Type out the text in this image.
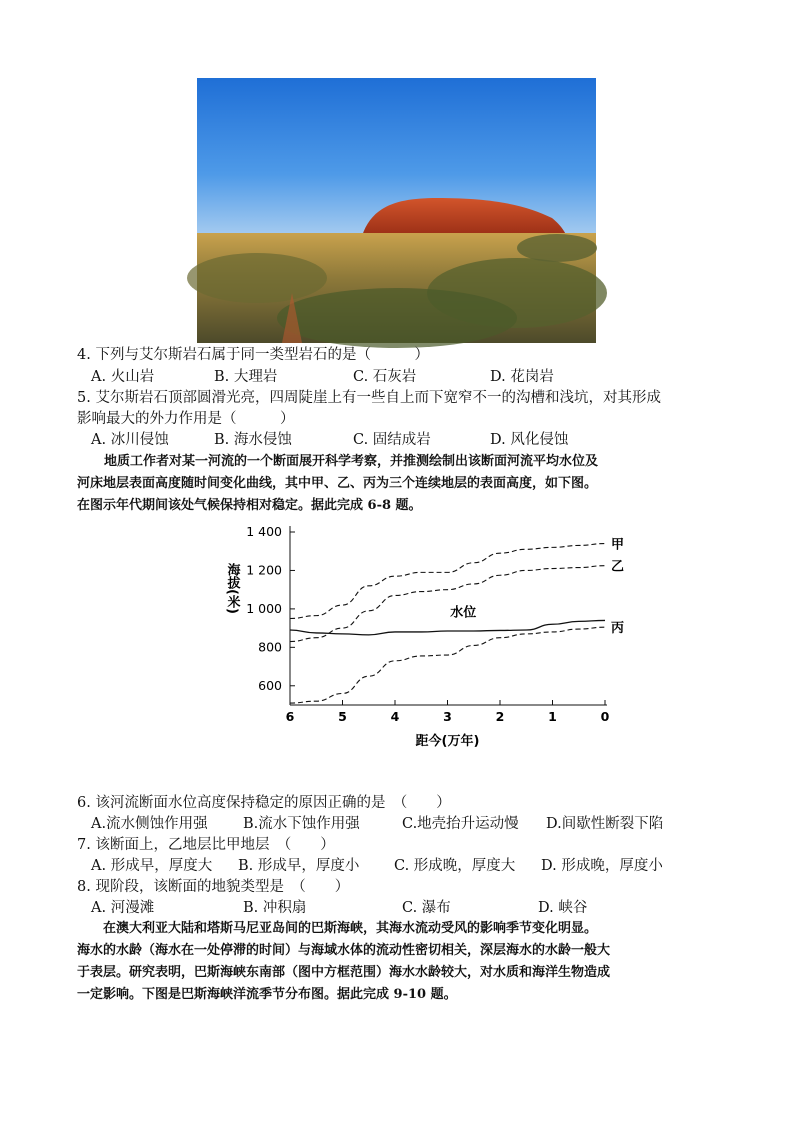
4. 下列与艾尔斯岩石属于同一类型岩石的是（　　　）
A. 火山岩	B. 大理岩	C. 石灰岩	D. 花岗岩
5. 艾尔斯岩石顶部圆滑光亮，四周陡崖上有一些自上而下宽窄不一的沟槽和浅坑，对其形成
影响最大的外力作用是（　　　）
A. 冰川侵蚀	B. 海水侵蚀	C. 固结成岩	D. 风化侵蚀
地质工作者对某一河流的一个断面展开科学考察，并推测绘制出该断面河流平均水位及
河床地层表面高度随时间变化曲线，其中甲、乙、丙为三个连续地层的表面高度，如下图。
在图示年代期间该处气候保持相对稳定。据此完成 6-8 题。
1 400
1 200
1 000
800
600
6	5	4	3	2	1	0
海拔(米)
距今(万年)
甲
乙
丙
水位
6. 该河流断面水位高度保持稳定的原因正确的是　（　　）
A.流水侧蚀作用强 B.流水下蚀作用强	C.地壳抬升运动慢 D.间歇性断裂下陷
7. 该断面上，乙地层比甲地层　（　　）
A. 形成早，厚度大 B. 形成早，厚度小 C. 形成晚，厚度大 D. 形成晚，厚度小
8. 现阶段，该断面的地貌类型是　（　　）
A. 河漫滩	B. 冲积扇	C. 瀑布	D. 峡谷
　在澳大利亚大陆和塔斯马尼亚岛间的巴斯海峡，其海水流动受风的影响季节变化明显。
海水的水龄（海水在一处停滞的时间）与海域水体的流动性密切相关，深层海水的水龄一般大
于表层。研究表明，巴斯海峡东南部（图中方框范围）海水水龄较大，对水质和海洋生物造成
一定影响。下图是巴斯海峡洋流季节分布图。据此完成 9-10 题。
